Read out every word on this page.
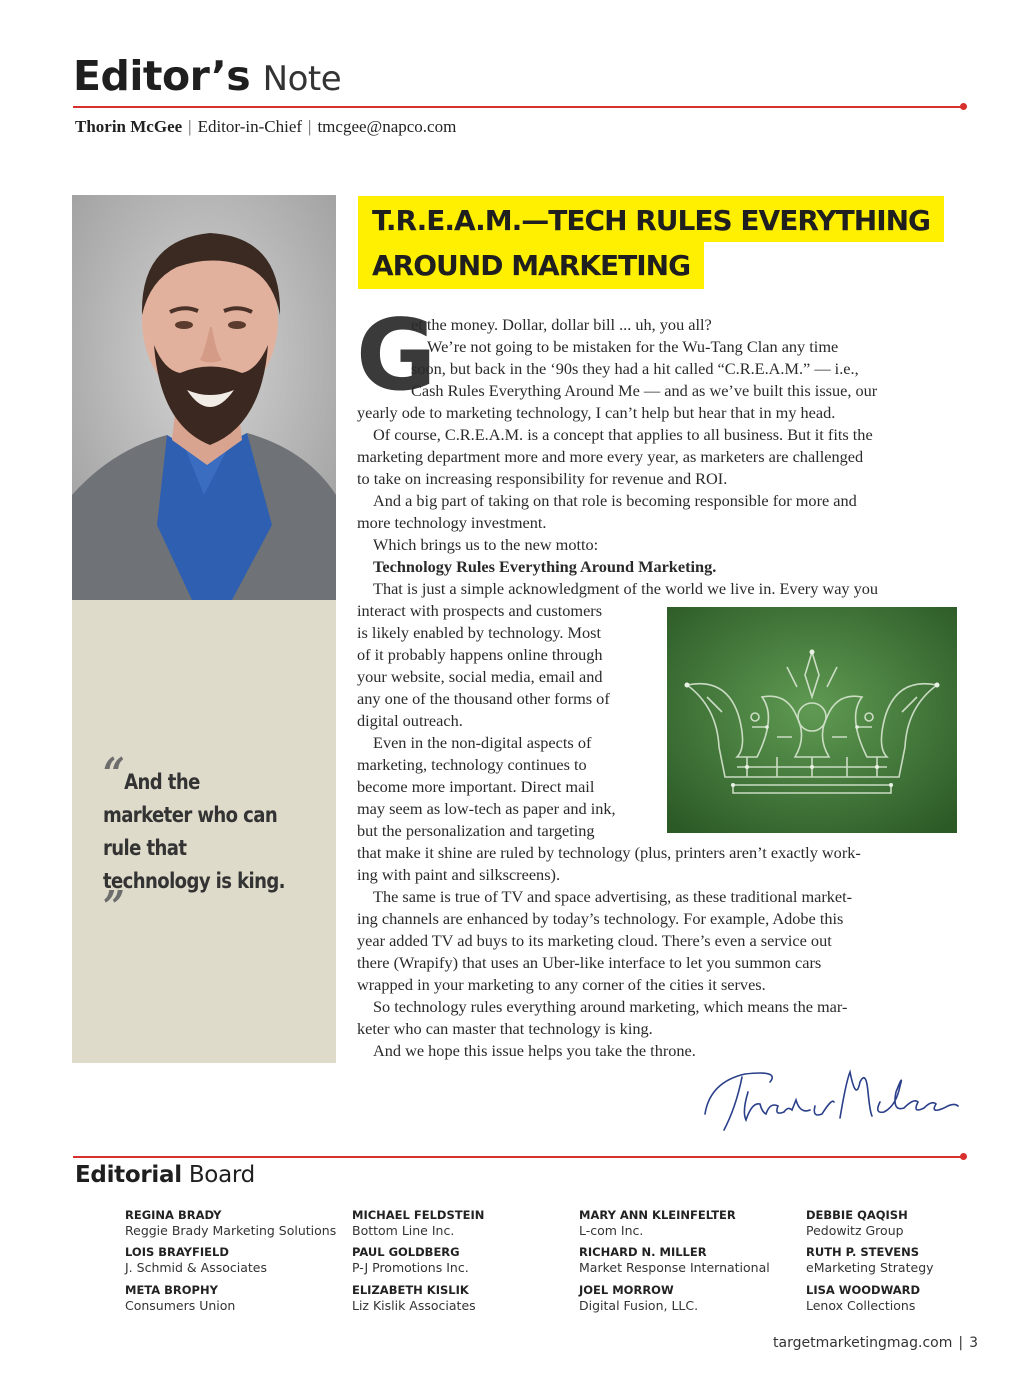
Editor’s Note
Thorin McGee | Editor-in-Chief | tmcgee@napco.com
“And the marketer who can rule that technology is king. ”
T.R.E.A.M.—TECH RULES EVERYTHING
AROUND MARKETING
G
et the money. Dollar, dollar bill ... uh, you all?
We’re not going to be mistaken for the Wu-Tang Clan any time
soon, but back in the ‘90s they had a hit called “C.R.E.A.M.” — i.e.,
Cash Rules Everything Around Me — and as we’ve built this issue, our
yearly ode to marketing technology, I can’t help but hear that in my head.
Of course, C.R.E.A.M. is a concept that applies to all business. But it fits the
marketing department more and more every year, as marketers are challenged
to take on increasing responsibility for revenue and ROI.
And a big part of taking on that role is becoming responsible for more and
more technology investment.
Which brings us to the new motto:
Technology Rules Everything Around Marketing.
That is just a simple acknowledgment of the world we live in. Every way you
interact with prospects and customers
is likely enabled by technology. Most
of it probably happens online through
your website, social media, email and
any one of the thousand other forms of
digital outreach.
Even in the non-digital aspects of
marketing, technology continues to
become more important. Direct mail
may seem as low-tech as paper and ink,
but the personalization and targeting
that make it shine are ruled by technology (plus, printers aren’t exactly work-
ing with paint and silkscreens).
The same is true of TV and space advertising, as these traditional market-
ing channels are enhanced by today’s technology. For example, Adobe this
year added TV ad buys to its marketing cloud. There’s even a service out
there (Wrapify) that uses an Uber-like interface to let you summon cars
wrapped in your marketing to any corner of the cities it serves.
So technology rules everything around marketing, which means the mar-
keter who can master that technology is king.
And we hope this issue helps you take the throne.
Editorial Board
REGINA BRADY
Reggie Brady Marketing Solutions
LOIS BRAYFIELD
J. Schmid & Associates
META BROPHY
Consumers Union
MICHAEL FELDSTEIN
Bottom Line Inc.
PAUL GOLDBERG
P-J Promotions Inc.
ELIZABETH KISLIK
Liz Kislik Associates
MARY ANN KLEINFELTER
L-com Inc.
RICHARD N. MILLER
Market Response International
JOEL MORROW
Digital Fusion, LLC.
DEBBIE QAQISH
Pedowitz Group
RUTH P. STEVENS
eMarketing Strategy
LISA WOODWARD
Lenox Collections
targetmarketingmag.com | 3
